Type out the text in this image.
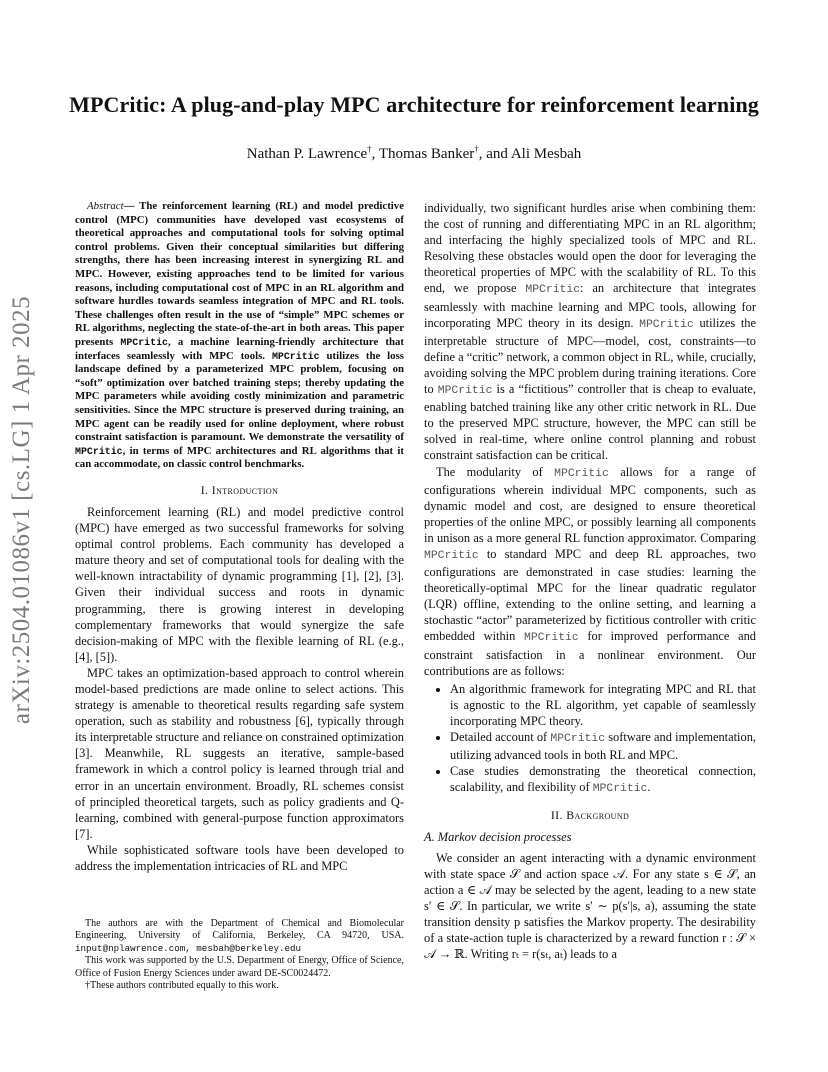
MPCritic: A plug-and-play MPC architecture for reinforcement learning
Nathan P. Lawrence†, Thomas Banker†, and Ali Mesbah
arXiv:2504.01086v1 [cs.LG] 1 Apr 2025

Abstract— The reinforcement learning (RL) and model predictive control (MPC) communities have developed vast ecosystems of theoretical approaches and computational tools for solving optimal control problems. Given their conceptual similarities but differing strengths, there has been increasing interest in synergizing RL and MPC. However, existing approaches tend to be limited for various reasons, including computational cost of MPC in an RL algorithm and software hurdles towards seamless integration of MPC and RL tools. These challenges often result in the use of “simple” MPC schemes or RL algorithms, neglecting the state-of-the-art in both areas. This paper presents MPCritic, a machine learning-friendly architecture that interfaces seamlessly with MPC tools. MPCritic utilizes the loss landscape defined by a parameterized MPC problem, focusing on “soft” optimization over batched training steps; thereby updating the MPC parameters while avoiding costly minimization and parametric sensitivities. Since the MPC structure is preserved during training, an MPC agent can be readily used for online deployment, where robust constraint satisfaction is paramount. We demonstrate the versatility of MPCritic, in terms of MPC architectures and RL algorithms that it can accommodate, on classic control benchmarks.

I. Introduction

Reinforcement learning (RL) and model predictive control (MPC) have emerged as two successful frameworks for solving optimal control problems. Each community has developed a mature theory and set of computational tools for dealing with the well-known intractability of dynamic programming [1], [2], [3]. Given their individual success and roots in dynamic programming, there is growing interest in developing complementary frameworks that would synergize the safe decision-making of MPC with the flexible learning of RL (e.g., [4], [5]).

MPC takes an optimization-based approach to control wherein model-based predictions are made online to select actions. This strategy is amenable to theoretical results regarding safe system operation, such as stability and robustness [6], typically through its interpretable structure and reliance on constrained optimization [3]. Meanwhile, RL suggests an iterative, sample-based framework in which a control policy is learned through trial and error in an uncertain environment. Broadly, RL schemes consist of principled theoretical targets, such as policy gradients and Q-learning, combined with general-purpose function approximators [7].

While sophisticated software tools have been developed to address the implementation intricacies of RL and MPC

individually, two significant hurdles arise when combining them: the cost of running and differentiating MPC in an RL algorithm; and interfacing the highly specialized tools of MPC and RL. Resolving these obstacles would open the door for leveraging the theoretical properties of MPC with the scalability of RL. To this end, we propose MPCritic: an architecture that integrates seamlessly with machine learning and MPC tools, allowing for incorporating MPC theory in its design. MPCritic utilizes the interpretable structure of MPC—model, cost, constraints—to define a “critic” network, a common object in RL, while, crucially, avoiding solving the MPC problem during training iterations. Core to MPCritic is a “fictitious” controller that is cheap to evaluate, enabling batched training like any other critic network in RL. Due to the preserved MPC structure, however, the MPC can still be solved in real-time, where online control planning and robust constraint satisfaction can be critical.

The modularity of MPCritic allows for a range of configurations wherein individual MPC components, such as dynamic model and cost, are designed to ensure theoretical properties of the online MPC, or possibly learning all components in unison as a more general RL function approximator. Comparing MPCritic to standard MPC and deep RL approaches, two configurations are demonstrated in case studies: learning the theoretically-optimal MPC for the linear quadratic regulator (LQR) offline, extending to the online setting, and learning a stochastic “actor” parameterized by fictitious controller with critic embedded within MPCritic for improved performance and constraint satisfaction in a nonlinear environment. Our contributions are as follows:

• An algorithmic framework for integrating MPC and RL that is agnostic to the RL algorithm, yet capable of seamlessly incorporating MPC theory.
• Detailed account of MPCritic software and implementation, utilizing advanced tools in both RL and MPC.
• Case studies demonstrating the theoretical connection, scalability, and flexibility of MPCritic.
II. Background
A. Markov decision processes

We consider an agent interacting with a dynamic environment with state space 𝒮 and action space 𝒜. For any state s ∈ 𝒮, an action a ∈ 𝒜 may be selected by the agent, leading to a new state s′ ∈ 𝒮. In particular, we write s′ ∼ p(s′|s, a), assuming the state transition density p satisfies the Markov property. The desirability of a state-action tuple is characterized by a reward function r : 𝒮 × 𝒜 → ℝ. Writing rₜ = r(sₜ, aₜ) leads to a

The authors are with the Department of Chemical and Biomolecular Engineering, University of California, Berkeley, CA 94720, USA. input@nplawrence.com, mesbah@berkeley.edu

This work was supported by the U.S. Department of Energy, Office of Science, Office of Fusion Energy Sciences under award DE-SC0024472.

†These authors contributed equally to this work.
